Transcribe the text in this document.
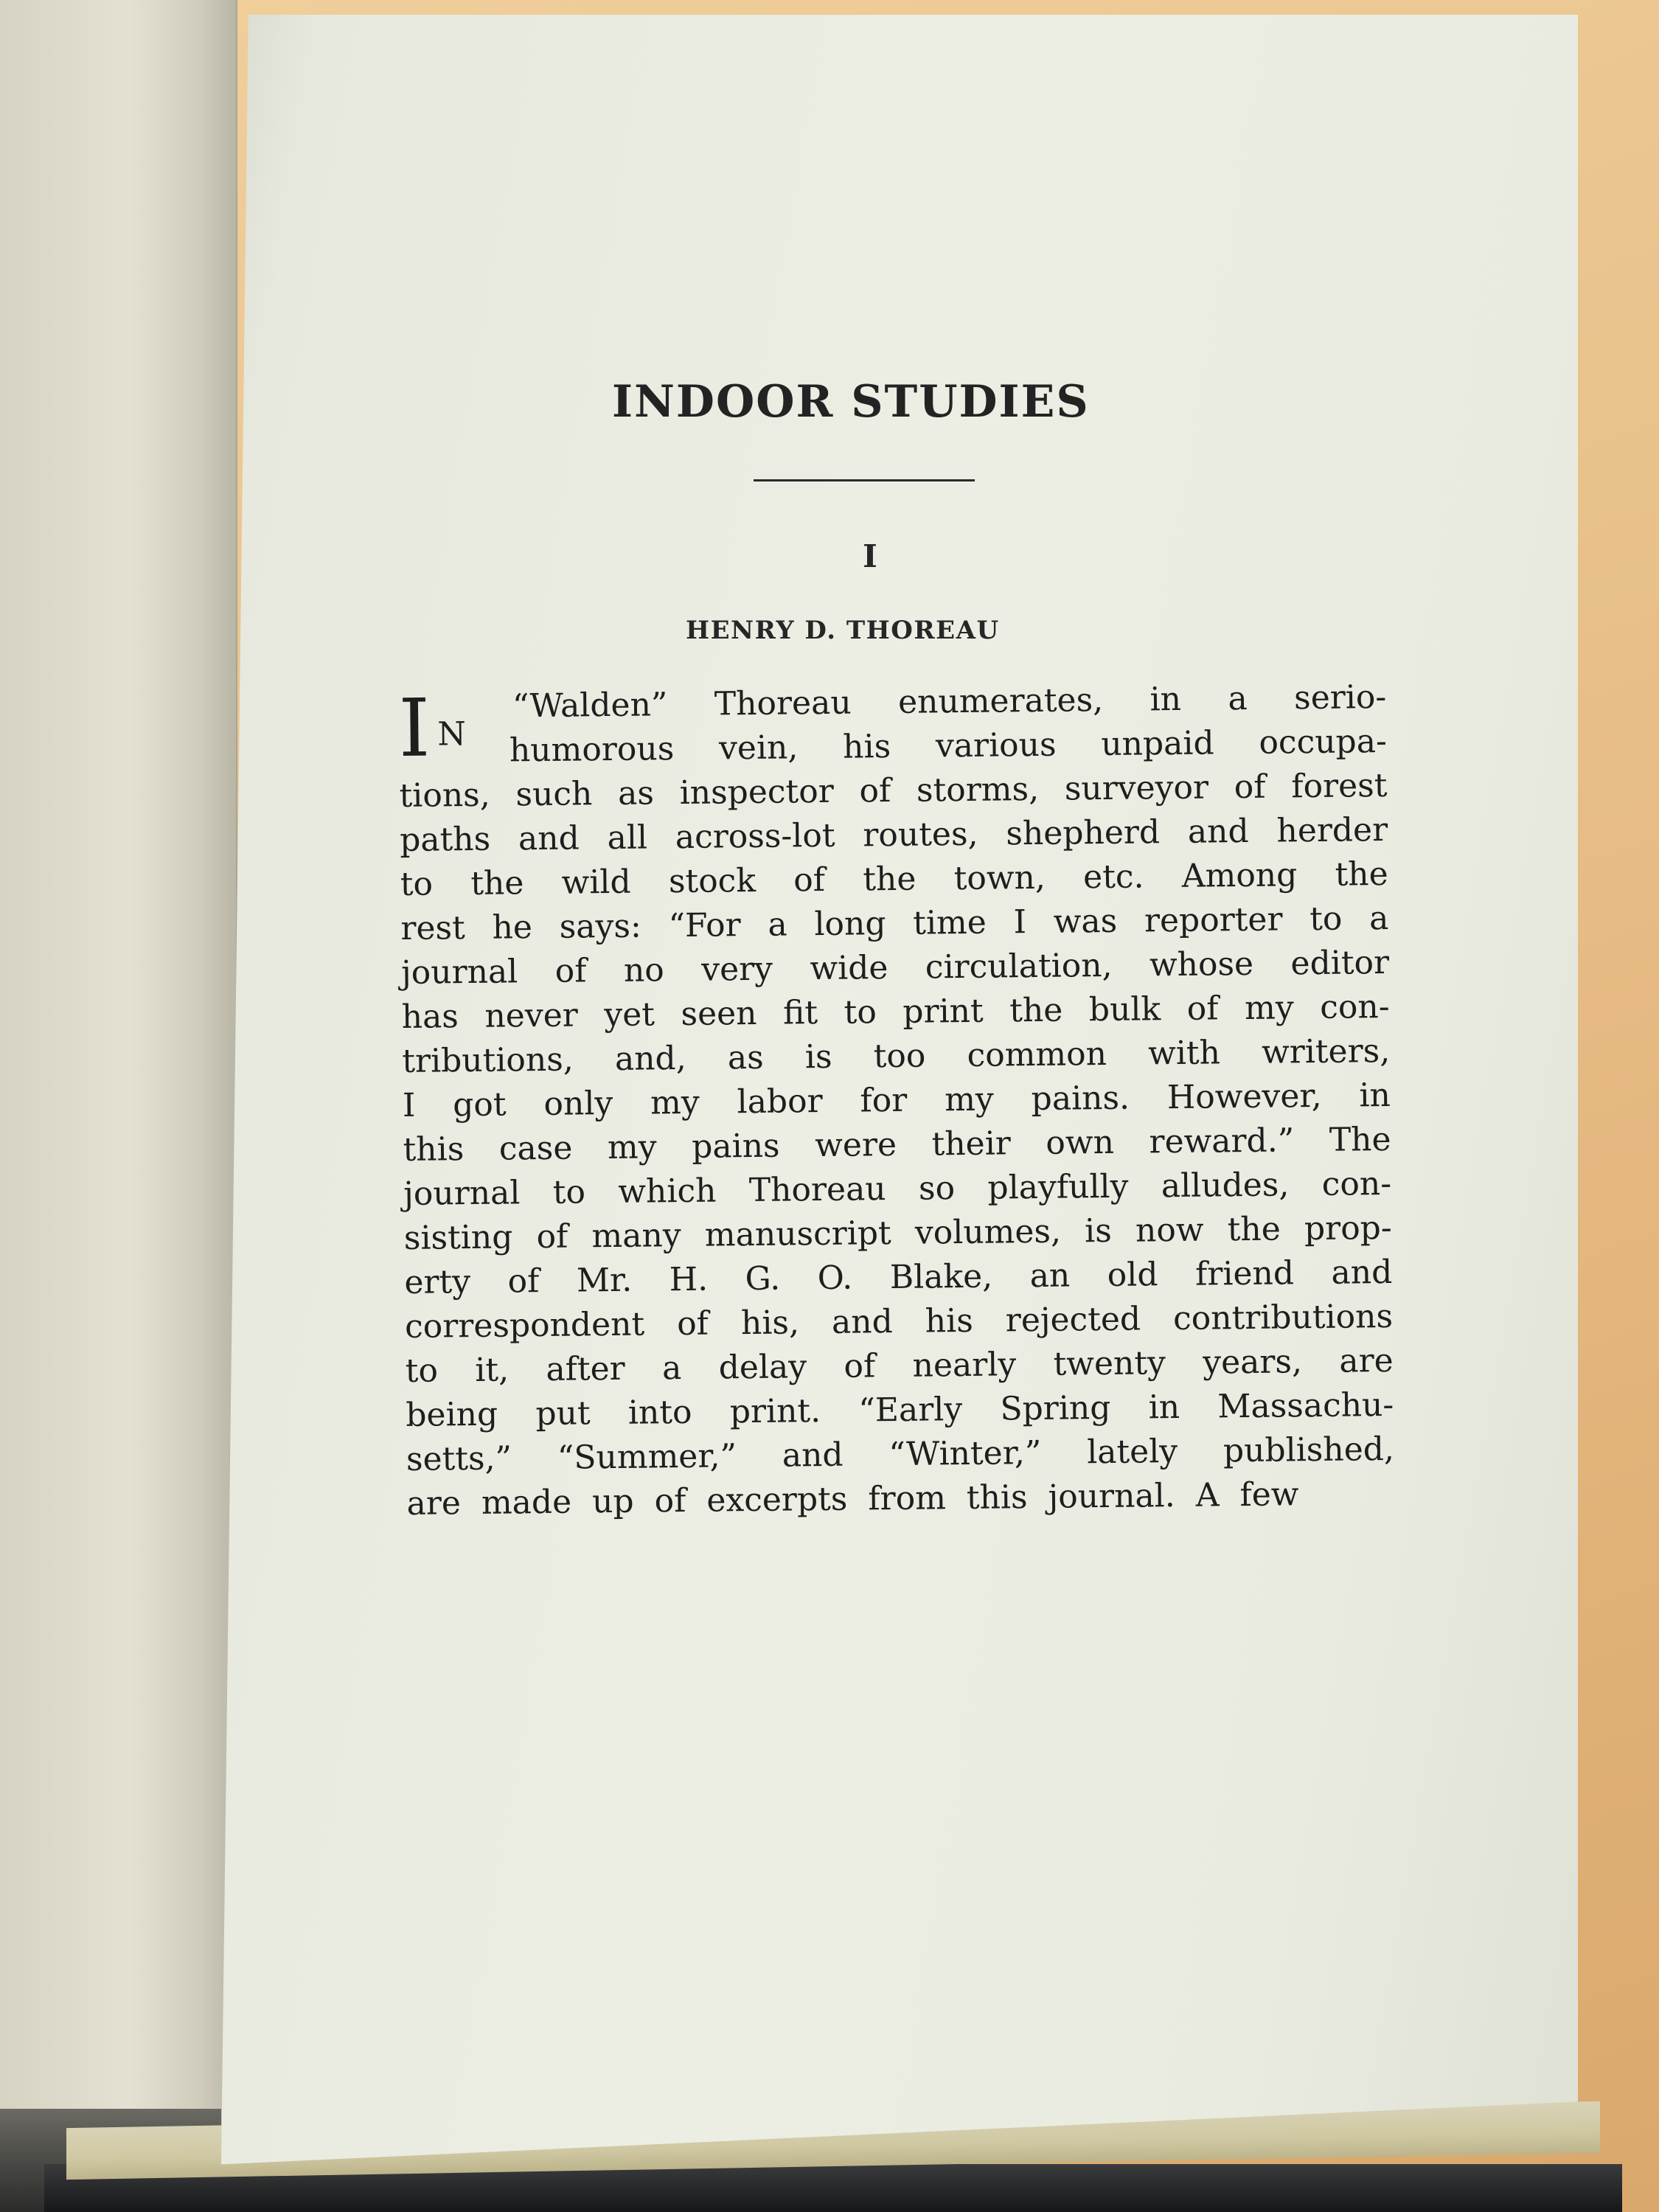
INDOOR STUDIES
I
HENRY D. THOREAU
I N
“Walden” Thoreau enumerates, in a serio-
humorous vein, his various unpaid occupa-
tions, such as inspector of storms, surveyor of forest
paths and all across-lot routes, shepherd and herder
to the wild stock of the town, etc. Among the
rest he says: “For a long time I was reporter to a
journal of no very wide circulation, whose editor
has never yet seen fit to print the bulk of my con-
tributions, and, as is too common with writers,
I got only my labor for my pains. However, in
this case my pains were their own reward.” The
journal to which Thoreau so playfully alludes, con-
sisting of many manuscript volumes, is now the prop-
erty of Mr. H. G. O. Blake, an old friend and
correspondent of his, and his rejected contributions
to it, after a delay of nearly twenty years, are
being put into print. “Early Spring in Massachu-
setts,” “Summer,” and “Winter,” lately published,
are made up of excerpts from this journal. A few
